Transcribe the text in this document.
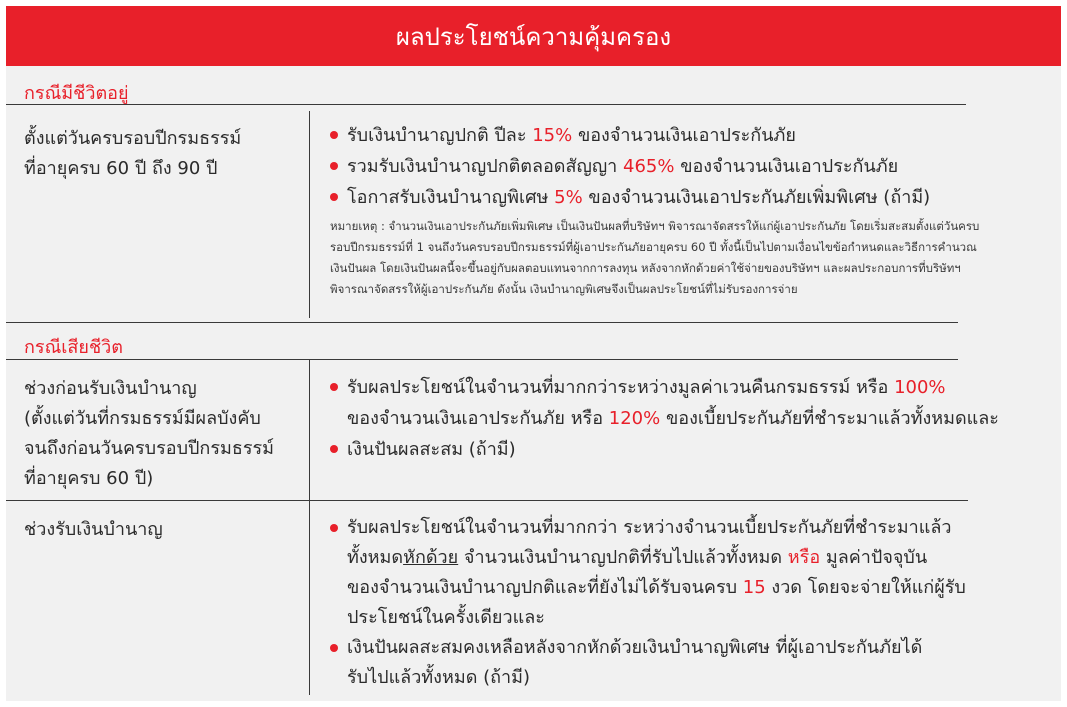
ผลประโยชน์ความคุ้มครอง
กรณีมีชีวิตอยู่
ตั้งแต่วันครบรอบปีกรมธรรม์
ที่อายุครบ 60 ปี ถึง 90 ปี
รับเงินบำนาญปกติ ปีละ 15% ของจำนวนเงินเอาประกันภัย
รวมรับเงินบำนาญปกติตลอดสัญญา 465% ของจำนวนเงินเอาประกันภัย
โอกาสรับเงินบำนาญพิเศษ 5% ของจำนวนเงินเอาประกันภัยเพิ่มพิเศษ (ถ้ามี)
หมายเหตุ : จำนวนเงินเอาประกันภัยเพิ่มพิเศษ เป็นเงินปันผลที่บริษัทฯ พิจารณาจัดสรรให้แก่ผู้เอาประกันภัย โดยเริ่มสะสมตั้งแต่วันครบรอบปีกรมธรรม์ที่ 1 จนถึงวันครบรอบปีกรมธรรม์ที่ผู้เอาประกันภัยอายุครบ 60 ปี ทั้งนี้เป็นไปตามเงื่อนไขข้อกำหนดและวิธีการคำนวณเงินปันผล โดยเงินปันผลนี้จะขึ้นอยู่กับผลตอบแทนจากการลงทุน หลังจากหักด้วยค่าใช้จ่ายของบริษัทฯ และผลประกอบการที่บริษัทฯ พิจารณาจัดสรรให้ผู้เอาประกันภัย ดังนั้น เงินบำนาญพิเศษจึงเป็นผลประโยชน์ที่ไม่รับรองการจ่าย
กรณีเสียชีวิต
ช่วงก่อนรับเงินบำนาญ
(ตั้งแต่วันที่กรมธรรม์มีผลบังคับ
จนถึงก่อนวันครบรอบปีกรมธรรม์
ที่อายุครบ 60 ปี)
รับผลประโยชน์ในจำนวนที่มากกว่าระหว่างมูลค่าเวนคืนกรมธรรม์ หรือ 100%
ของจำนวนเงินเอาประกันภัย หรือ 120% ของเบี้ยประกันภัยที่ชำระมาแล้วทั้งหมดและ
เงินปันผลสะสม (ถ้ามี)
ช่วงรับเงินบำนาญ	รับผลประโยชน์ในจำนวนที่มากกว่า ระหว่างจำนวนเบี้ยประกันภัยที่ชำระมาแล้ว
ทั้งหมดหักด้วย จำนวนเงินบำนาญปกติที่รับไปแล้วทั้งหมด หรือ มูลค่าปัจจุบัน
ของจำนวนเงินบำนาญปกติและที่ยังไม่ได้รับจนครบ 15 งวด โดยจะจ่ายให้แก่ผู้รับ
ประโยชน์ในครั้งเดียวและ
เงินปันผลสะสมคงเหลือหลังจากหักด้วยเงินบำนาญพิเศษ ที่ผู้เอาประกันภัยได้
รับไปแล้วทั้งหมด (ถ้ามี)
